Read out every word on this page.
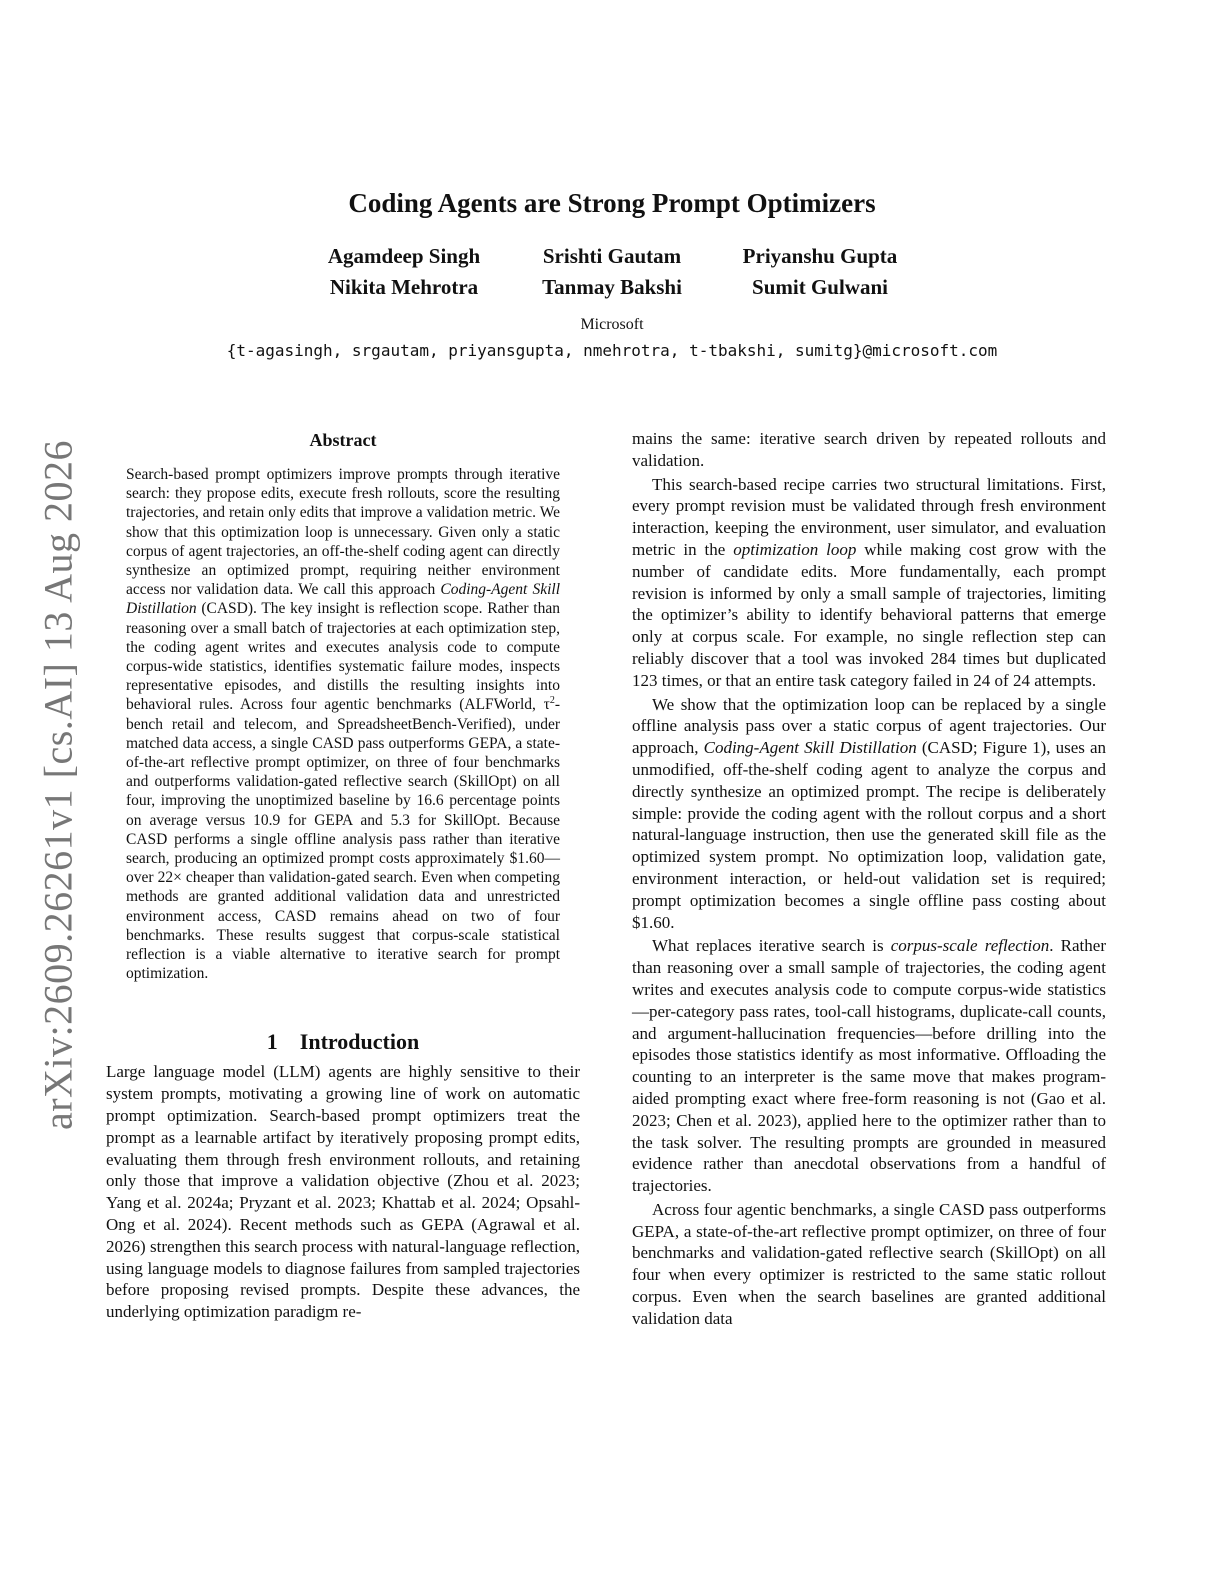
arXiv:2609.26261v1 [cs.AI] 13 Aug 2026
Coding Agents are Strong Prompt Optimizers
Agamdeep Singh	Srishti Gautam	Priyanshu Gupta
Nikita Mehrotra	Tanmay Bakshi	Sumit Gulwani
Microsoft
{t-agasingh, srgautam, priyansgupta, nmehrotra, t-tbakshi, sumitg}@microsoft.com
Abstract

Search-based prompt optimizers improve prompts through iterative search: they propose edits, execute fresh rollouts, score the resulting trajectories, and retain only edits that improve a validation metric. We show that this optimization loop is unnecessary. Given only a static corpus of agent trajectories, an off-the-shelf coding agent can directly synthesize an optimized prompt, requiring neither environment access nor validation data. We call this approach Coding-Agent Skill Distillation (CASD). The key insight is reflection scope. Rather than reasoning over a small batch of trajectories at each optimization step, the coding agent writes and executes analysis code to compute corpus-wide statistics, identifies systematic failure modes, inspects representative episodes, and distills the resulting insights into behavioral rules. Across four agentic benchmarks (ALFWorld, $\tau^2$-bench retail and telecom, and SpreadsheetBench-Verified), under matched data access, a single CASD pass outperforms GEPA, a state-of-the-art reflective prompt optimizer, on three of four benchmarks and outperforms validation-gated reflective search (SkillOpt) on all four, improving the unoptimized baseline by 16.6 percentage points on average versus 10.9 for GEPA and 5.3 for SkillOpt. Because CASD performs a single offline analysis pass rather than iterative search, producing an optimized prompt costs approximately $1.60—over 22× cheaper than validation-gated search. Even when competing methods are granted additional validation data and unrestricted environment access, CASD remains ahead on two of four benchmarks. These results suggest that corpus-scale statistical reflection is a viable alternative to iterative search for prompt optimization.

1 Introduction

Large language model (LLM) agents are highly sensitive to their system prompts, motivating a growing line of work on automatic prompt optimization. Search-based prompt optimizers treat the prompt as a learnable artifact by iteratively proposing prompt edits, evaluating them through fresh environment rollouts, and retaining only those that improve a validation objective (Zhou et al. 2023; Yang et al. 2024a; Pryzant et al. 2023; Khattab et al. 2024; Opsahl-Ong et al. 2024). Recent methods such as GEPA (Agrawal et al. 2026) strengthen this search process with natural-language reflection, using language models to diagnose failures from sampled trajectories before proposing revised prompts. Despite these advances, the underlying optimization paradigm re-

mains the same: iterative search driven by repeated rollouts and validation.

This search-based recipe carries two structural limitations. First, every prompt revision must be validated through fresh environment interaction, keeping the environment, user simulator, and evaluation metric in the optimization loop while making cost grow with the number of candidate edits. More fundamentally, each prompt revision is informed by only a small sample of trajectories, limiting the optimizer’s ability to identify behavioral patterns that emerge only at corpus scale. For example, no single reflection step can reliably discover that a tool was invoked 284 times but duplicated 123 times, or that an entire task category failed in 24 of 24 attempts.

We show that the optimization loop can be replaced by a single offline analysis pass over a static corpus of agent trajectories. Our approach, Coding-Agent Skill Distillation (CASD; Figure 1), uses an unmodified, off-the-shelf coding agent to analyze the corpus and directly synthesize an optimized prompt. The recipe is deliberately simple: provide the coding agent with the rollout corpus and a short natural-language instruction, then use the generated skill file as the optimized system prompt. No optimization loop, validation gate, environment interaction, or held-out validation set is required; prompt optimization becomes a single offline pass costing about $1.60.

What replaces iterative search is corpus-scale reflection. Rather than reasoning over a small sample of trajectories, the coding agent writes and executes analysis code to compute corpus-wide statistics—per-category pass rates, tool-call histograms, duplicate-call counts, and argument-hallucination frequencies—before drilling into the episodes those statistics identify as most informative. Offloading the counting to an interpreter is the same move that makes program-aided prompting exact where free-form reasoning is not (Gao et al. 2023; Chen et al. 2023), applied here to the optimizer rather than to the task solver. The resulting prompts are grounded in measured evidence rather than anecdotal observations from a handful of trajectories.

Across four agentic benchmarks, a single CASD pass outperforms GEPA, a state-of-the-art reflective prompt optimizer, on three of four benchmarks and validation-gated reflective search (SkillOpt) on all four when every optimizer is restricted to the same static rollout corpus. Even when the search baselines are granted additional validation data
